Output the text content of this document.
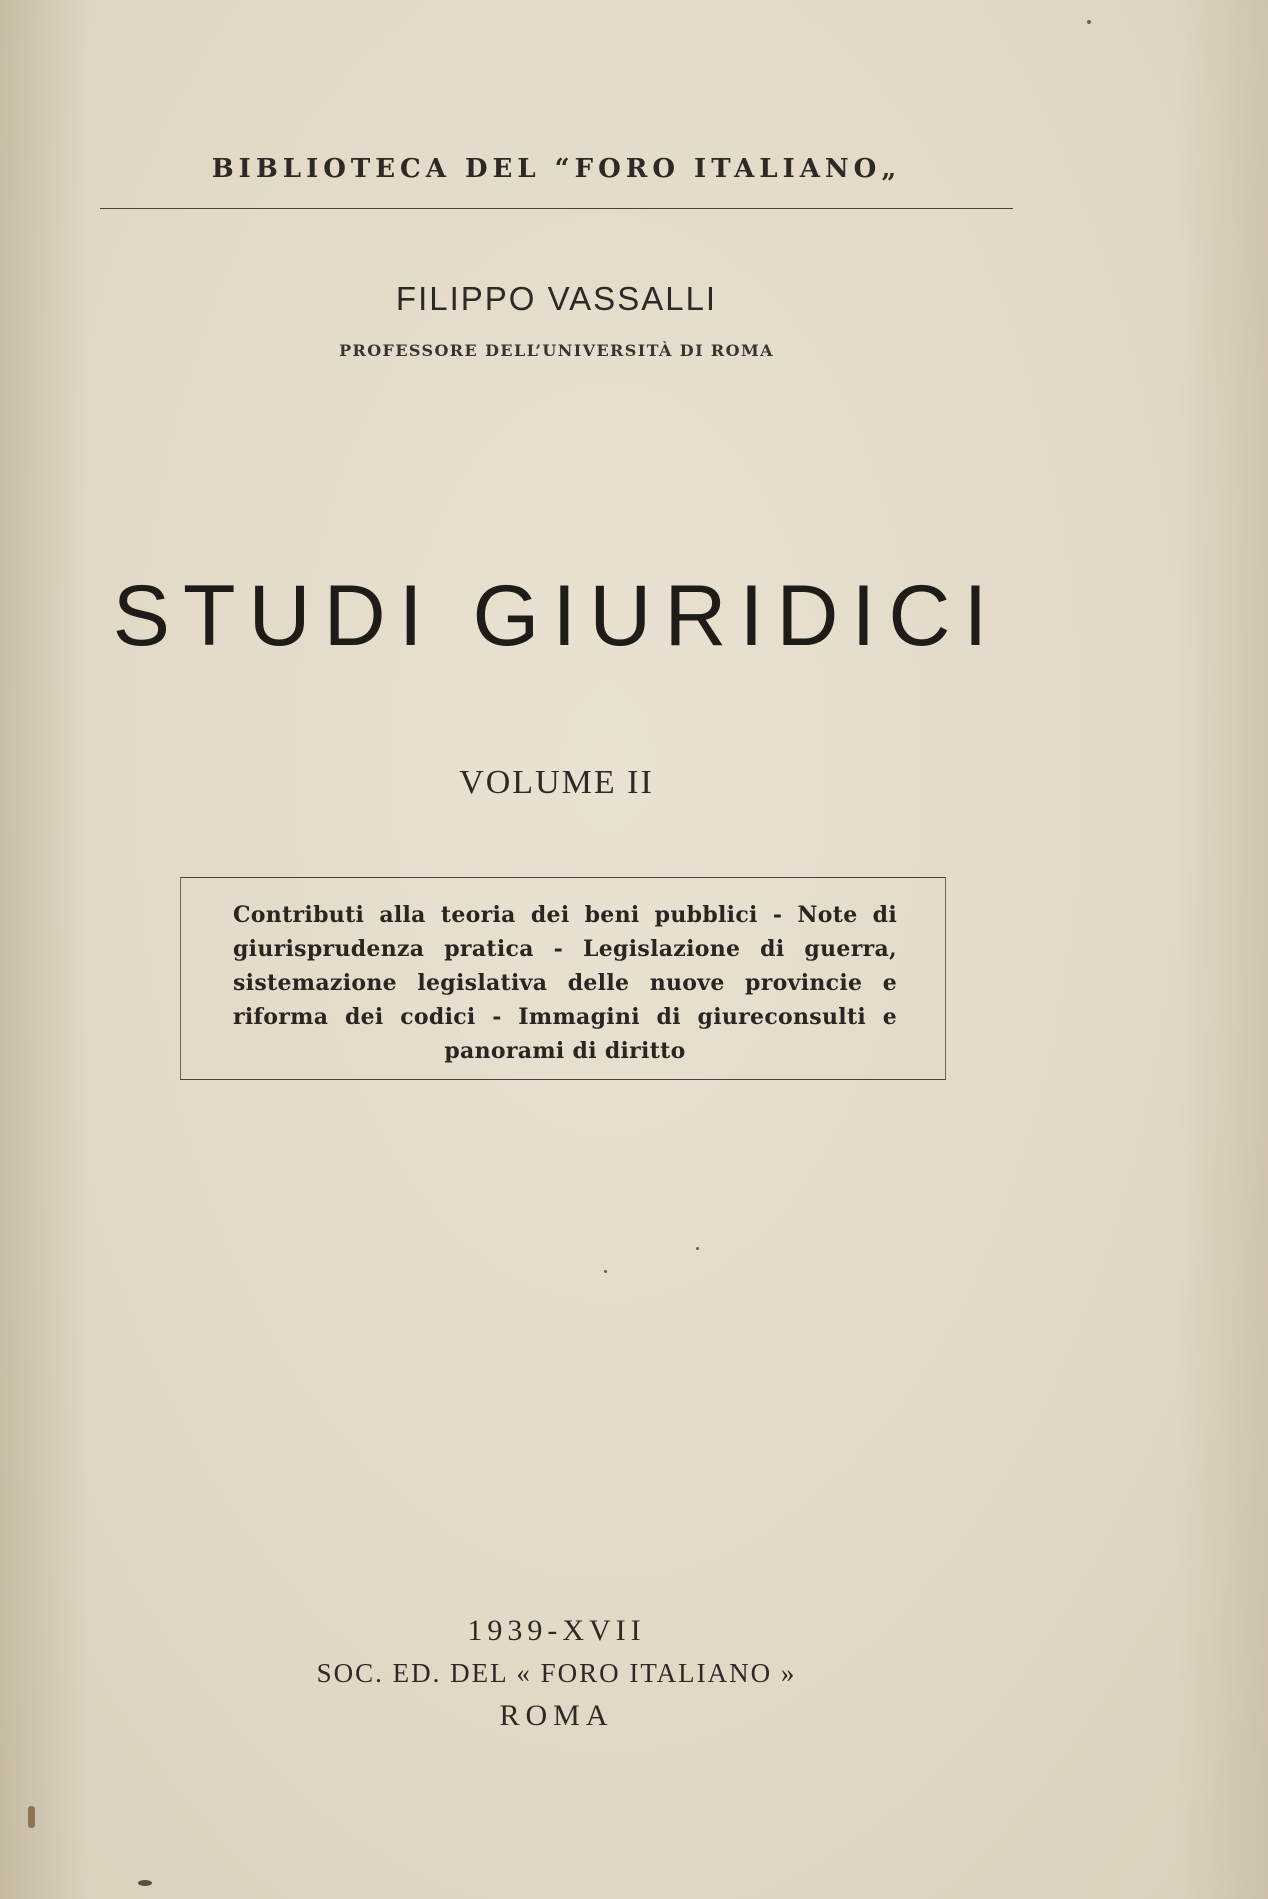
BIBLIOTECA DEL “FORO ITALIANO„
FILIPPO VASSALLI
PROFESSORE DELL’UNIVERSITÀ DI ROMA
STUDI GIURIDICI
VOLUME II
Contributi alla teoria dei beni pubblici - Note di giurisprudenza pratica - Legislazione di guerra, sistemazione legislativa delle nuove provincie e riforma dei codici - Immagini di giureconsulti e panorami di diritto
1939-XVII
SOC. ED. DEL « FORO ITALIANO »
ROMA
